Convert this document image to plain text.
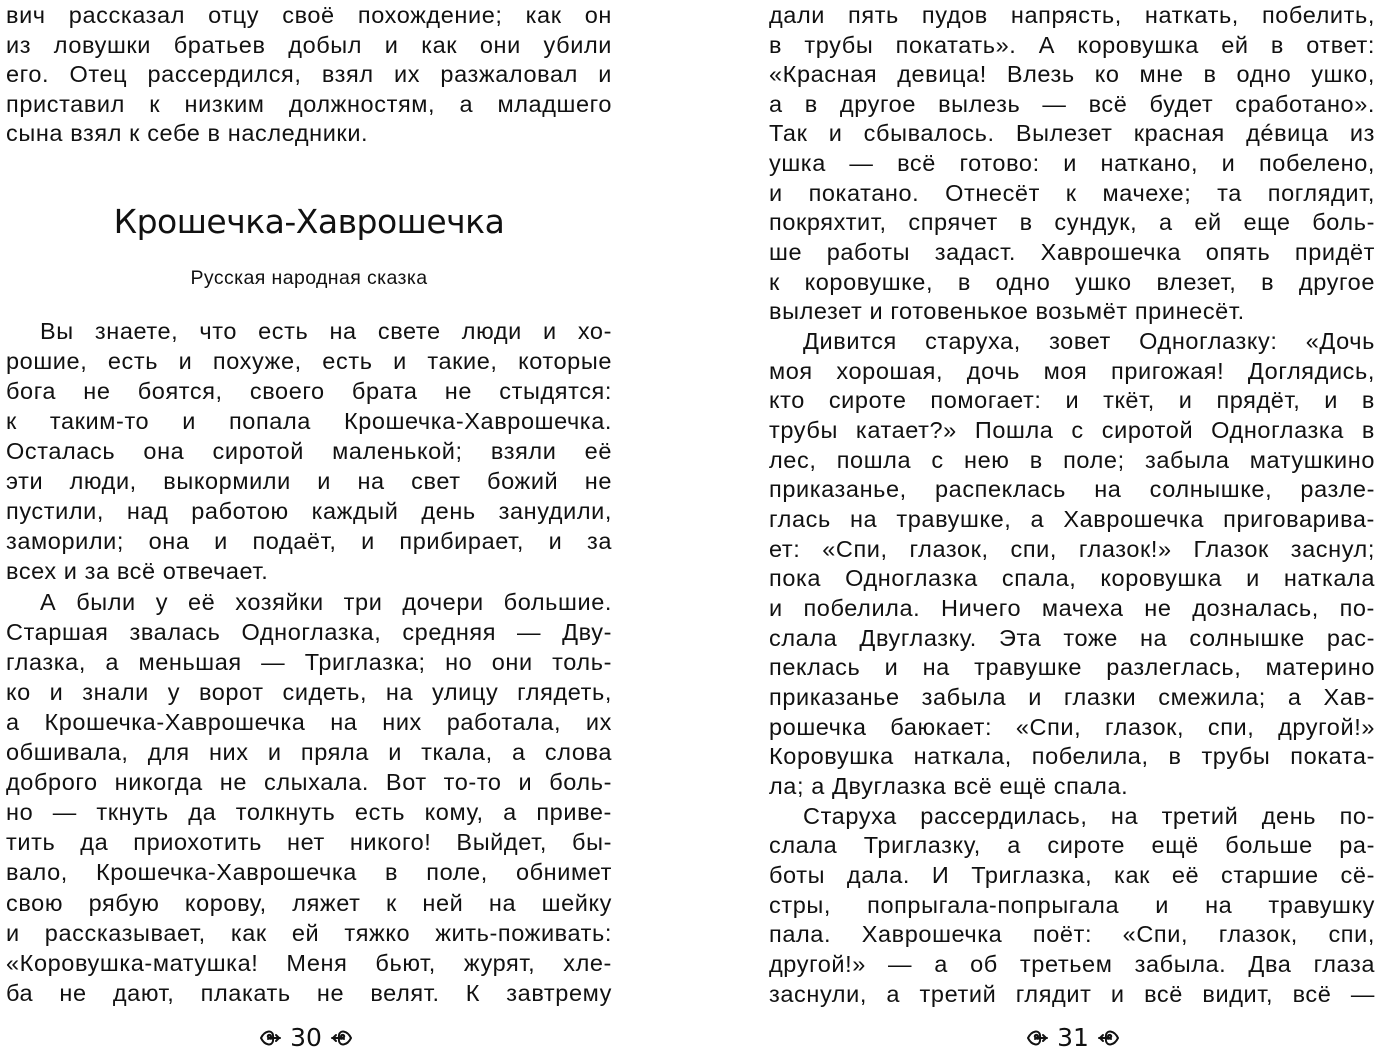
вич рассказал отцу своё похождение; как он
из ловушки братьев добыл и как они убили
его. Отец рассердился, взял их разжаловал и
приставил к низким должностям, а младшего
сына взял к себе в наследники.
Крошечка-Хаврошечка
Русская народная сказка
Вы знаете, что есть на свете люди и хо-
рошие, есть и похуже, есть и такие, которые
бога не боятся, своего брата не стыдятся:
к таким-то и попала Крошечка-Хаврошечка.
Осталась она сиротой маленькой; взяли её
эти люди, выкормили и на свет божий не
пустили, над работою каждый день занудили,
заморили; она и подаёт, и прибирает, и за
всех и за всё отвечает.
А были у её хозяйки три дочери большие.
Старшая звалась Одноглазка, средняя — Дву-
глазка, а меньшая — Триглазка; но они толь-
ко и знали у ворот сидеть, на улицу глядеть,
а Крошечка-Хаврошечка на них работала, их
обшивала, для них и пряла и ткала, а слова
доброго никогда не слыхала. Вот то-то и боль-
но — ткнуть да толкнуть есть кому, а приве-
тить да приохотить нет никого! Выйдет, бы-
вало, Крошечка-Хаврошечка в поле, обнимет
свою рябую корову, ляжет к ней на шейку
и рассказывает, как ей тяжко жить-поживать:
«Коровушка-матушка! Меня бьют, журят, хле-
ба не дают, плакать не велят. К завтрему
30
дали пять пудов напрясть, наткать, побелить,
в трубы покатать». А коровушка ей в ответ:
«Красная девица! Влезь ко мне в одно ушко,
а в другое вылезь — всё будет сработано».
Так и сбывалось. Вылезет красная дéвица из
ушка — всё готово: и наткано, и побелено,
и покатано. Отнесёт к мачехе; та поглядит,
покряхтит, спрячет в сундук, а ей еще боль-
ше работы задаст. Хаврошечка опять придёт
к коровушке, в одно ушко влезет, в другое
вылезет и готовенькое возьмёт принесёт.
Дивится старуха, зовет Одноглазку: «Дочь
моя хорошая, дочь моя пригожая! Доглядись,
кто сироте помогает: и ткёт, и прядёт, и в
трубы катает?» Пошла с сиротой Одноглазка в
лес, пошла с нею в поле; забыла матушкино
приказанье, распеклась на солнышке, разле-
глась на травушке, а Хаврошечка приговарива-
ет: «Спи, глазок, спи, глазок!» Глазок заснул;
пока Одноглазка спала, коровушка и наткала
и побелила. Ничего мачеха не дозналась, по-
слала Двуглазку. Эта тоже на солнышке рас-
пеклась и на травушке разлеглась, материно
приказанье забыла и глазки смежила; а Хав-
рошечка баюкает: «Спи, глазок, спи, другой!»
Коровушка наткала, побелила, в трубы поката-
ла; а Двуглазка всё ещё спала.
Старуха рассердилась, на третий день по-
слала Триглазку, а сироте ещё больше ра-
боты дала. И Триглазка, как её старшие сё-
стры, попрыгала-попрыгала и на травушку
пала. Хаврошечка поёт: «Спи, глазок, спи,
другой!» — а об третьем забыла. Два глаза
заснули, а третий глядит и всё видит, всё —
31
